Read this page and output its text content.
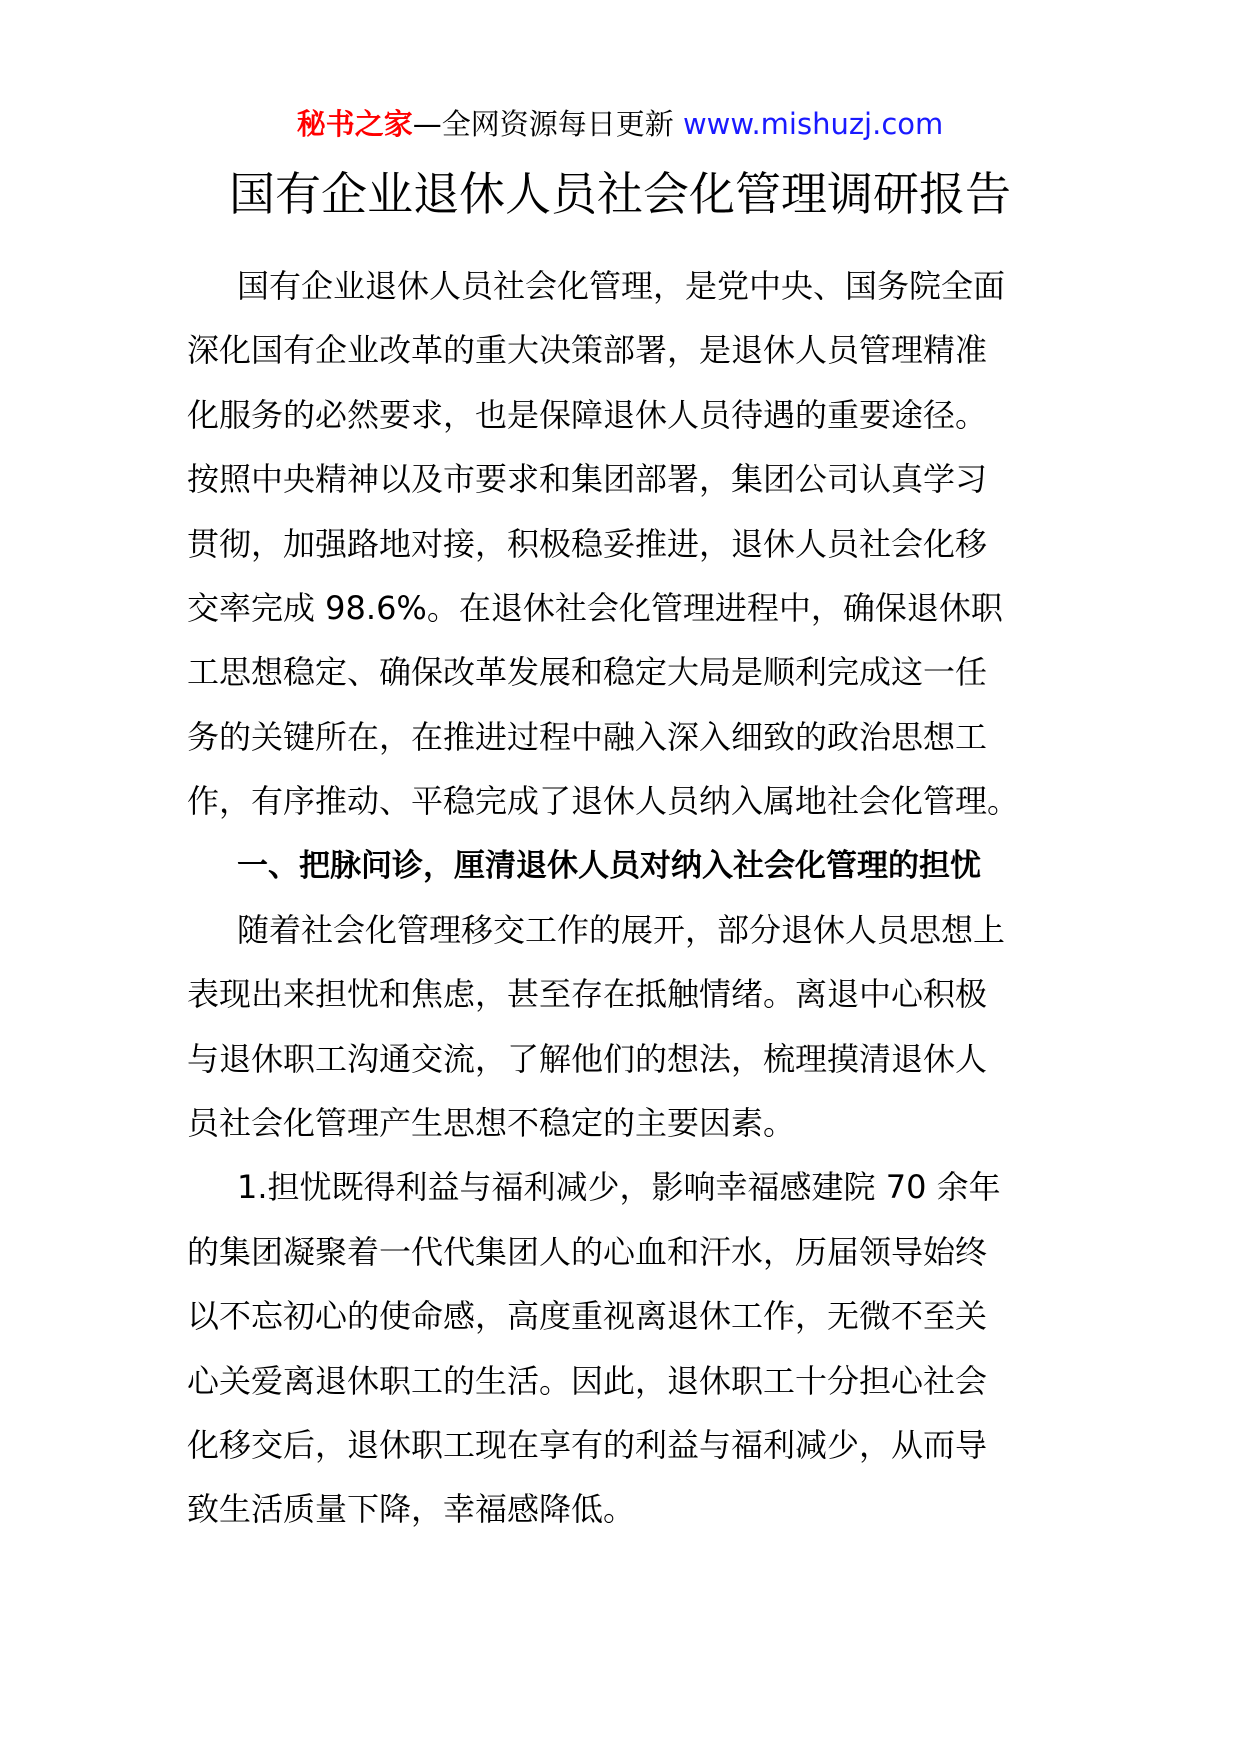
秘书之家—全网资源每日更新 www.mishuzj.com
国有企业退休人员社会化管理调研报告
国有企业退休人员社会化管理，是党中央、国务院全面
深化国有企业改革的重大决策部署，是退休人员管理精准
化服务的必然要求，也是保障退休人员待遇的重要途径。
按照中央精神以及市要求和集团部署，集团公司认真学习
贯彻，加强路地对接，积极稳妥推进，退休人员社会化移
交率完成 98.6%。在退休社会化管理进程中，确保退休职
工思想稳定、确保改革发展和稳定大局是顺利完成这一任
务的关键所在，在推进过程中融入深入细致的政治思想工
作，有序推动、平稳完成了退休人员纳入属地社会化管理。
一、把脉问诊，厘清退休人员对纳入社会化管理的担忧
随着社会化管理移交工作的展开，部分退休人员思想上
表现出来担忧和焦虑，甚至存在抵触情绪。离退中心积极
与退休职工沟通交流，了解他们的想法，梳理摸清退休人
员社会化管理产生思想不稳定的主要因素。
1.担忧既得利益与福利减少，影响幸福感建院 70 余年
的集团凝聚着一代代集团人的心血和汗水，历届领导始终
以不忘初心的使命感，高度重视离退休工作，无微不至关
心关爱离退休职工的生活。因此，退休职工十分担心社会
化移交后，退休职工现在享有的利益与福利减少，从而导
致生活质量下降，幸福感降低。
